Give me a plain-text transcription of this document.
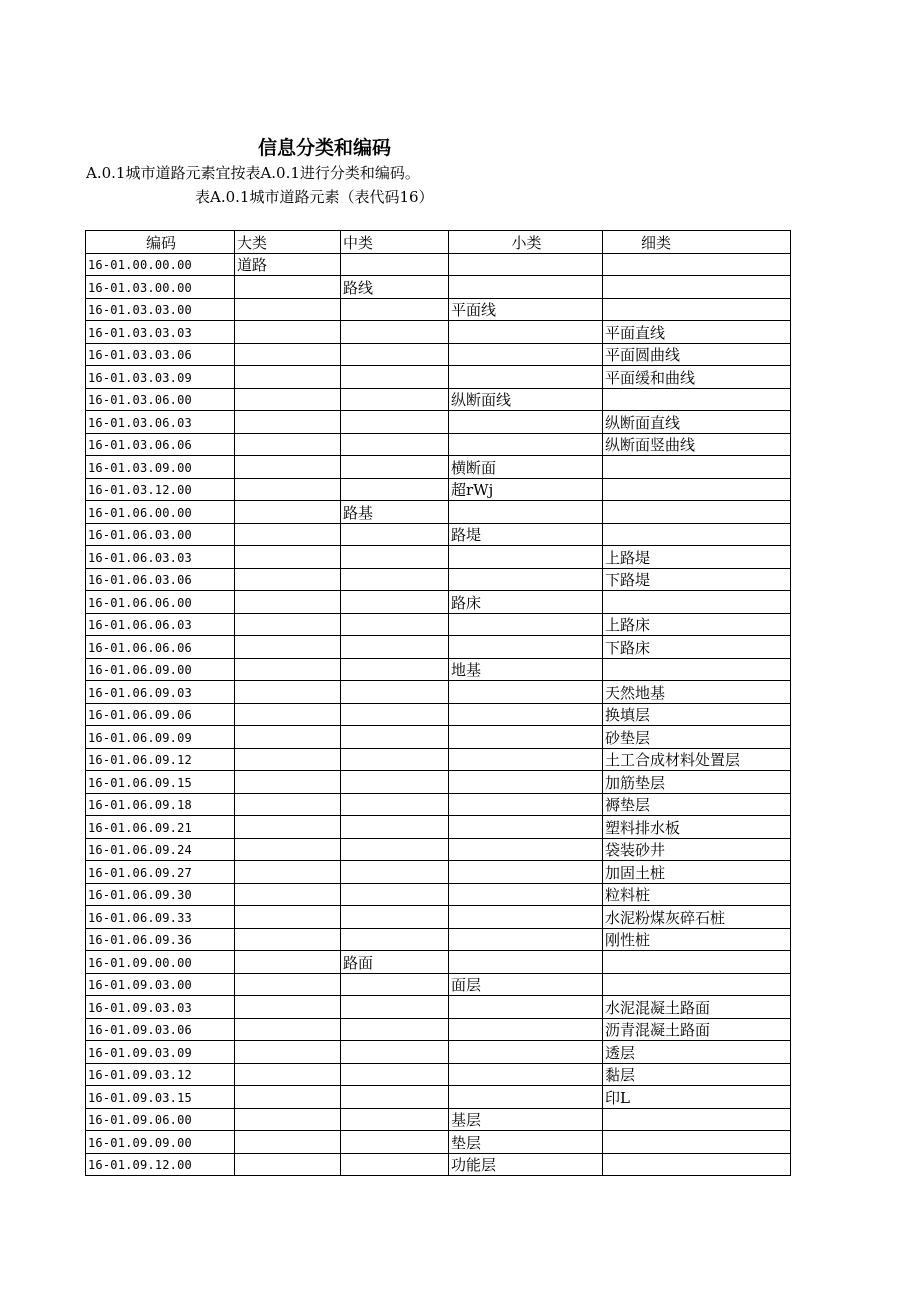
信息分类和编码
A.0.1城市道路元素宜按表A.0.1进行分类和编码。
表A.0.1城市道路元素（表代码16）
编码	大类	中类	小类	细类
16-01.00.00.00	道路			
16-01.03.00.00		路线		
16-01.03.03.00			平面线	
16-01.03.03.03				平面直线
16-01.03.03.06				平面圆曲线
16-01.03.03.09				平面缓和曲线
16-01.03.06.00			纵断面线	
16-01.03.06.03				纵断面直线
16-01.03.06.06				纵断面竖曲线
16-01.03.09.00			横断面	
16-01.03.12.00			超rWj	
16-01.06.00.00		路基		
16-01.06.03.00			路堤	
16-01.06.03.03				上路堤
16-01.06.03.06				下路堤
16-01.06.06.00			路床	
16-01.06.06.03				上路床
16-01.06.06.06				下路床
16-01.06.09.00			地基	
16-01.06.09.03				天然地基
16-01.06.09.06				换填层
16-01.06.09.09				砂垫层
16-01.06.09.12				土工合成材料处置层
16-01.06.09.15				加筋垫层
16-01.06.09.18				褥垫层
16-01.06.09.21				塑料排水板
16-01.06.09.24				袋装砂井
16-01.06.09.27				加固土桩
16-01.06.09.30				粒料桩
16-01.06.09.33				水泥粉煤灰碎石桩
16-01.06.09.36				刚性桩
16-01.09.00.00		路面		
16-01.09.03.00			面层	
16-01.09.03.03				水泥混凝土路面
16-01.09.03.06				沥青混凝土路面
16-01.09.03.09				透层
16-01.09.03.12				黏层
16-01.09.03.15				印L
16-01.09.06.00			基层	
16-01.09.09.00			垫层	
16-01.09.12.00			功能层	
